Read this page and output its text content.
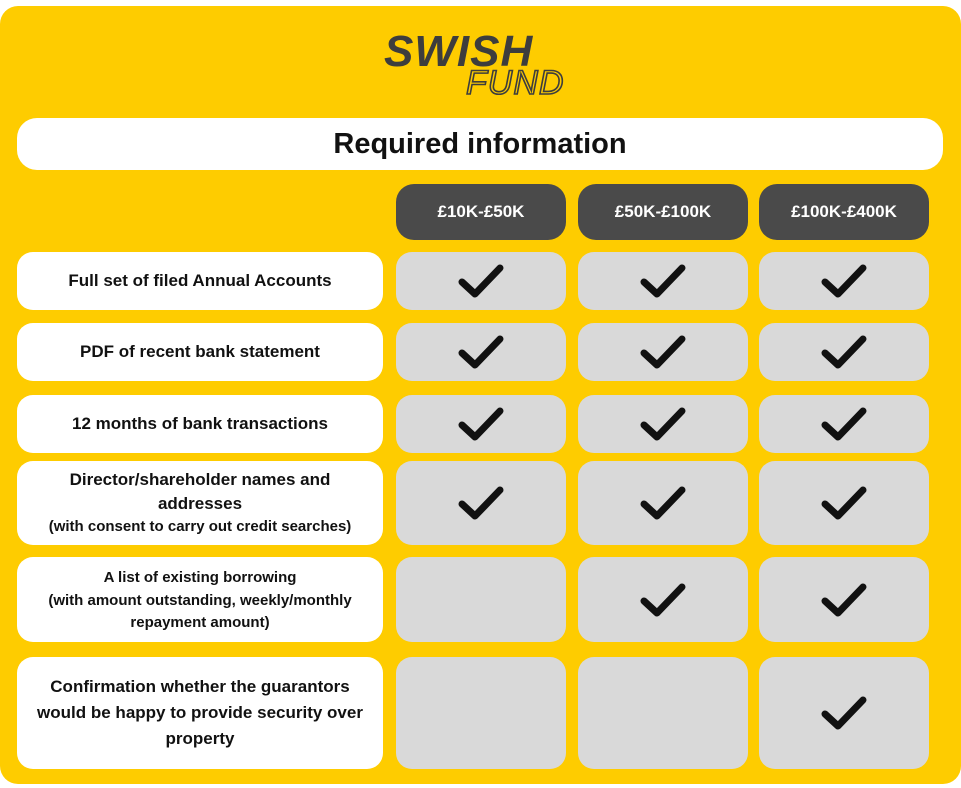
SWISH
FUND
Required information
£10K-£50K	£50K-£100K	£100K-£400K
Full set of filed Annual Accounts
PDF of recent bank statement
12 months of bank transactions
Director/shareholder names and addresses
(with consent to carry out credit searches)
A list of existing borrowing
(with amount outstanding, weekly/monthly repayment amount)
Confirmation whether the guarantors would be happy to provide security over property
